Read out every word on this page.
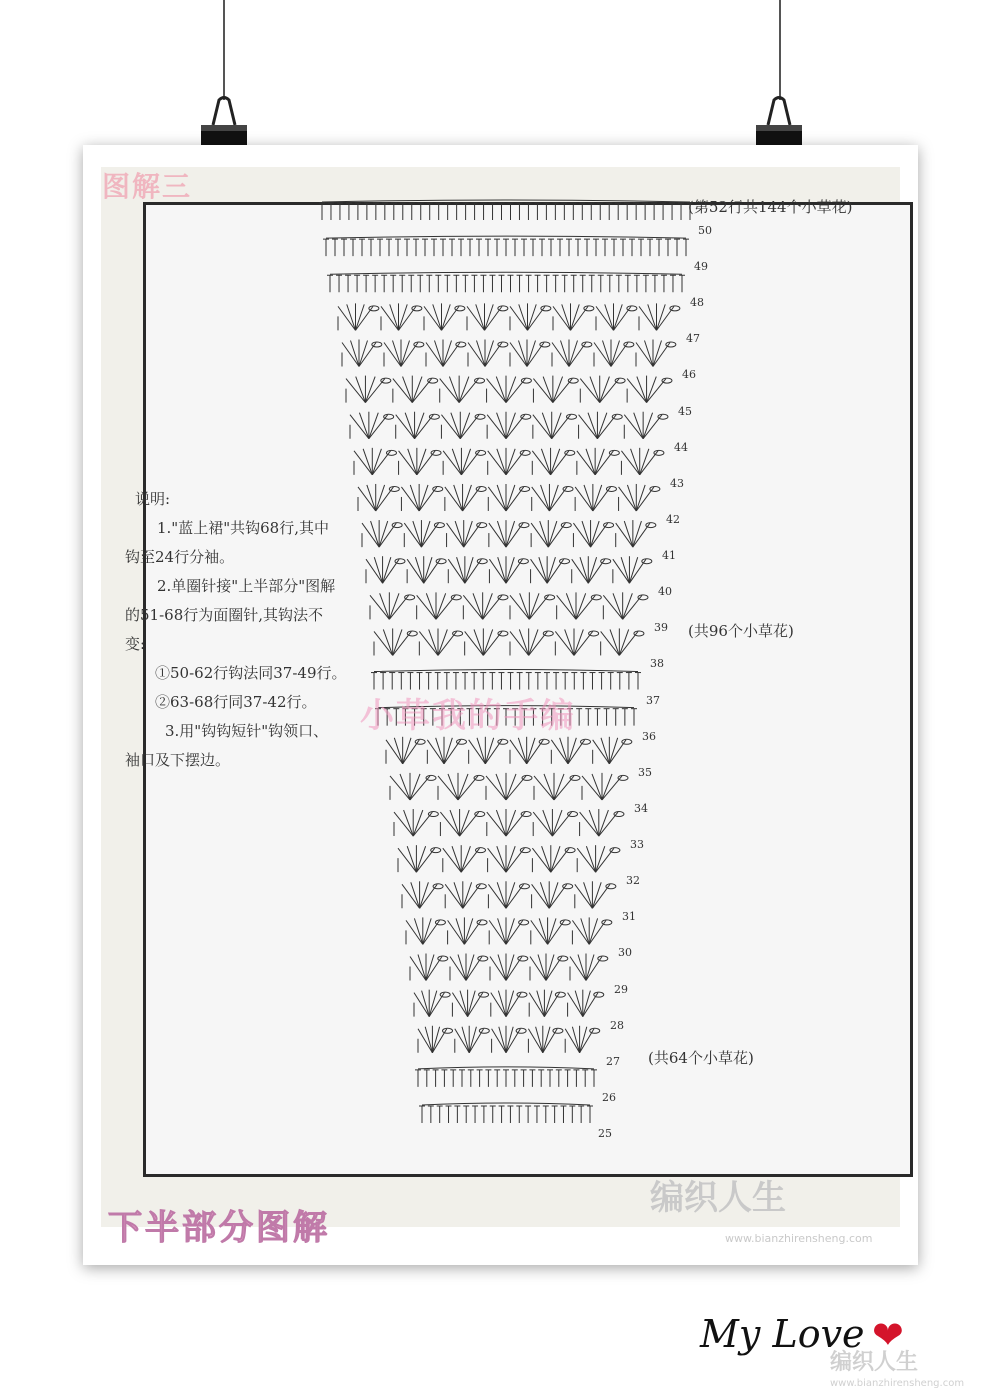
图解三
说明:
1."蓝上裙"共钩68行,其中
钩至24行分袖。
2.单圈针接"上半部分"图解
的51-68行为面圈针,其钩法不
变:
①50-62行钩法同37-49行。
②63-68行同37-42行。
3.用"钩钩短针"钩领口、
袖口及下摆边。
(第52行共144个小草花)
(共96个小草花)
(共64个小草花)
50
49
48
47
46
45
44
43
42
41
40
39
38
37
36
35
34
33
32
31
30
29
28
27
26
25
小草我的手编
下半部分图解
编织人生
www.bianzhirensheng.com
My Love ❤
编织人生
www.bianzhirensheng.com
